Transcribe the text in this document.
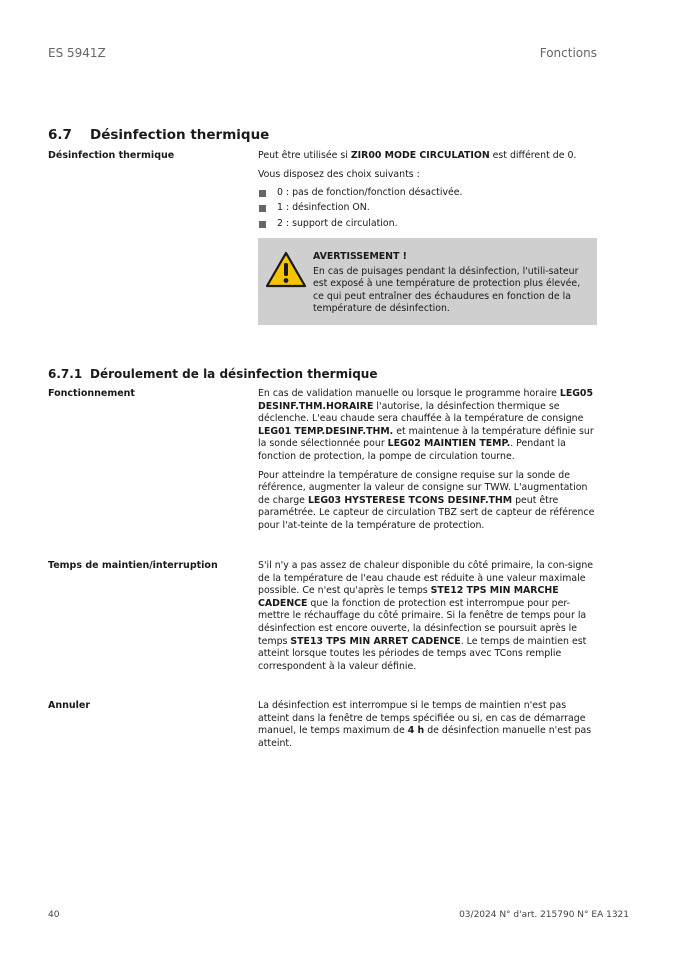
ES 5941Z	Fonctions
6.7 Désinfection thermique
Désinfection thermique	Peut être utilisée si ZIR00 MODE CIRCULATION est différent de 0.

Vous disposez des choix suivants :

0 : pas de fonction/fonction désactivée.
1 : désinfection ON.
2 : support de circulation.
AVERTISSEMENT !
En cas de puisages pendant la désinfection, l'utili-sateur est exposé à une température de protection plus élevée, ce qui peut entraîner des échaudures en fonction de la température de désinfection.
6.7.1 Déroulement de la désinfection thermique
Fonctionnement	En cas de validation manuelle ou lorsque le programme horaire LEG05 DESINF.THM.HORAIRE l'autorise, la désinfection thermique se déclenche. L'eau chaude sera chauffée à la température de consigne LEG01 TEMP.DESINF.THM. et maintenue à la température définie sur la sonde sélectionnée pour LEG02 MAINTIEN TEMP.. Pendant la fonction de protection, la pompe de circulation tourne.

Pour atteindre la température de consigne requise sur la sonde de référence, augmenter la valeur de consigne sur TWW. L'augmentation de charge LEG03 HYSTERESE TCONS DESINF.THM peut être paramétrée. Le capteur de circulation TBZ sert de capteur de référence pour l'at-teinte de la température de protection.

Temps de maintien/interruption	S'il n'y a pas assez de chaleur disponible du côté primaire, la con-signe de la température de l'eau chaude est réduite à une valeur maximale possible. Ce n'est qu'après le temps STE12 TPS MIN MARCHE CADENCE que la fonction de protection est interrompue pour per-mettre le réchauffage du côté primaire. Si la fenêtre de temps pour la désinfection est encore ouverte, la désinfection se poursuit après le temps STE13 TPS MIN ARRET CADENCE. Le temps de maintien est atteint lorsque toutes les périodes de temps avec TCons remplie correspondent à la valeur définie.

Annuler	La désinfection est interrompue si le temps de maintien n'est pas atteint dans la fenêtre de temps spécifiée ou si, en cas de démarrage manuel, le temps maximum de 4 h de désinfection manuelle n'est pas atteint.

40	03/2024 N° d'art. 215790 N° EA 1321
